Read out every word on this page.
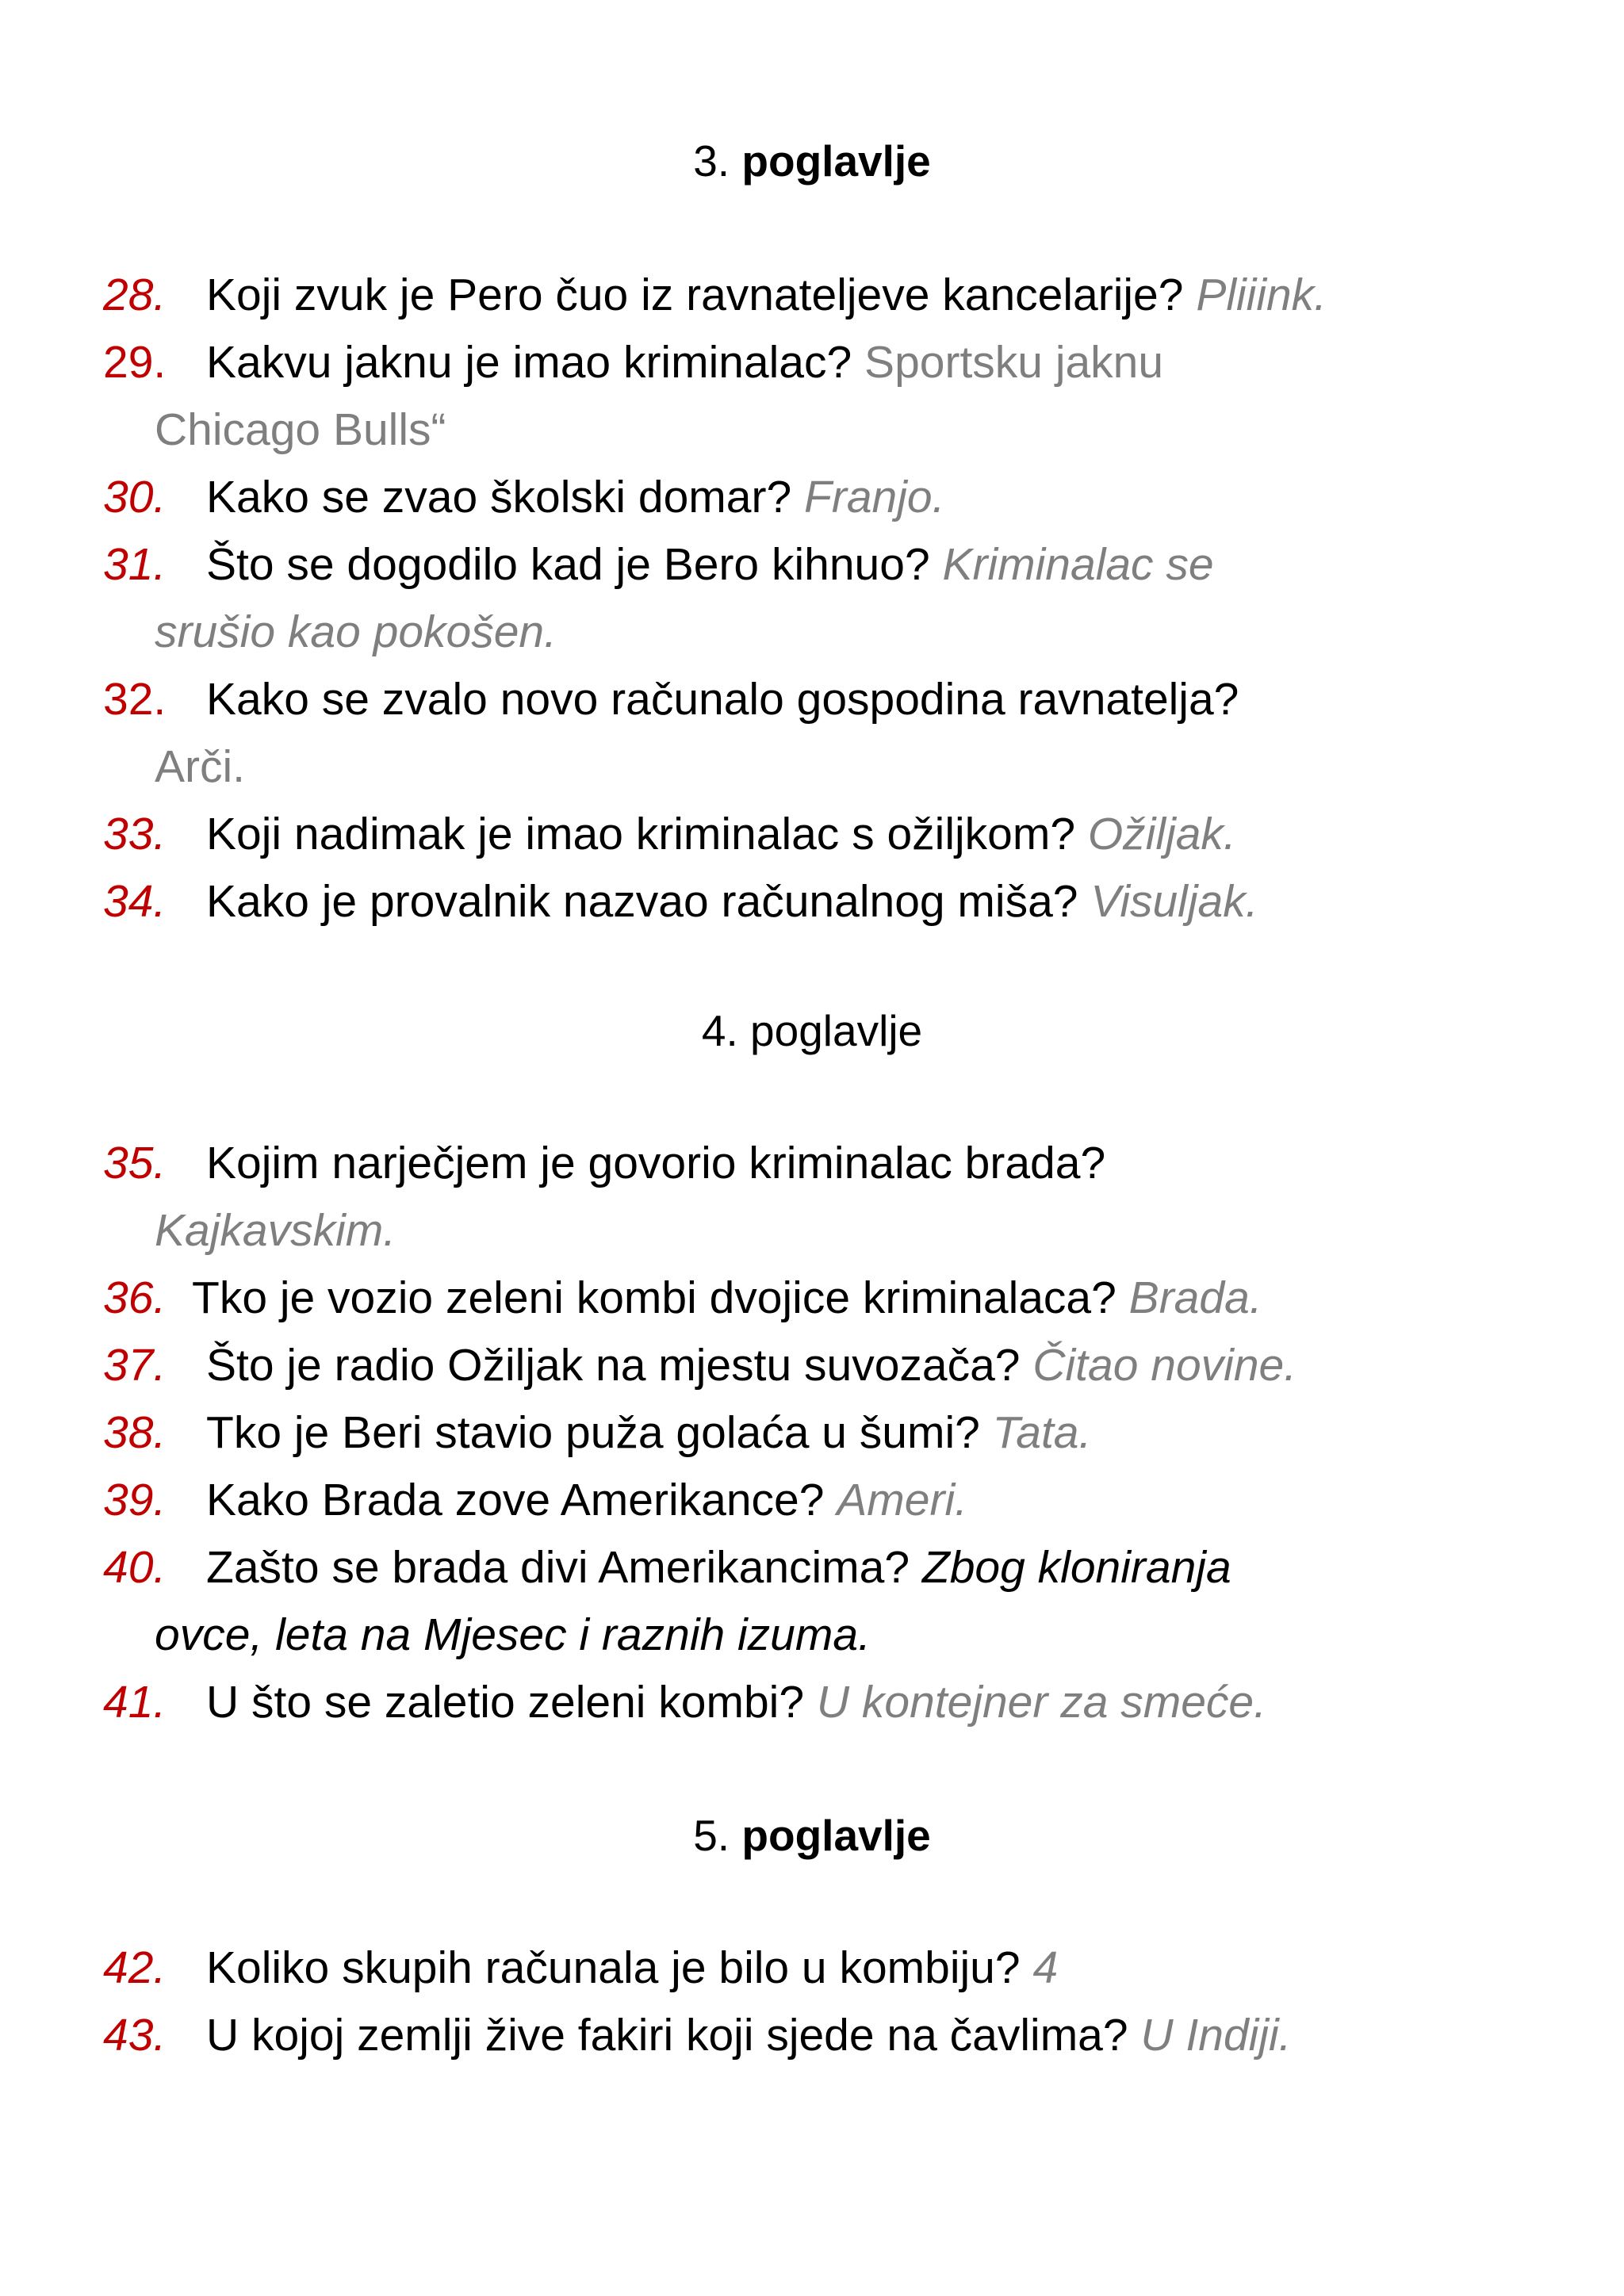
3. poglavlje
28. Koji zvuk je Pero čuo iz ravnateljeve kancelarije? Pliiink.
29. Kakvu jaknu je imao kriminalac? Sportsku jaknu
Chicago Bulls“
30. Kako se zvao školski domar? Franjo.
31. Što se dogodilo kad je Bero kihnuo? Kriminalac se
srušio kao pokošen.
32. Kako se zvalo novo računalo gospodina ravnatelja?
Arči.
33. Koji nadimak je imao kriminalac s ožiljkom? Ožiljak.
34. Kako je provalnik nazvao računalnog miša? Visuljak.
4. poglavlje
35. Kojim narječjem je govorio kriminalac brada?
Kajkavskim.
36. Tko je vozio zeleni kombi dvojice kriminalaca? Brada.
37. Što je radio Ožiljak na mjestu suvozača? Čitao novine.
38. Tko je Beri stavio puža golaća u šumi? Tata.
39. Kako Brada zove Amerikance? Ameri.
40. Zašto se brada divi Amerikancima? Zbog kloniranja
ovce, leta na Mjesec i raznih izuma.
41. U što se zaletio zeleni kombi? U kontejner za smeće.
5. poglavlje
42. Koliko skupih računala je bilo u kombiju? 4
43. U kojoj zemlji žive fakiri koji sjede na čavlima? U Indiji.
